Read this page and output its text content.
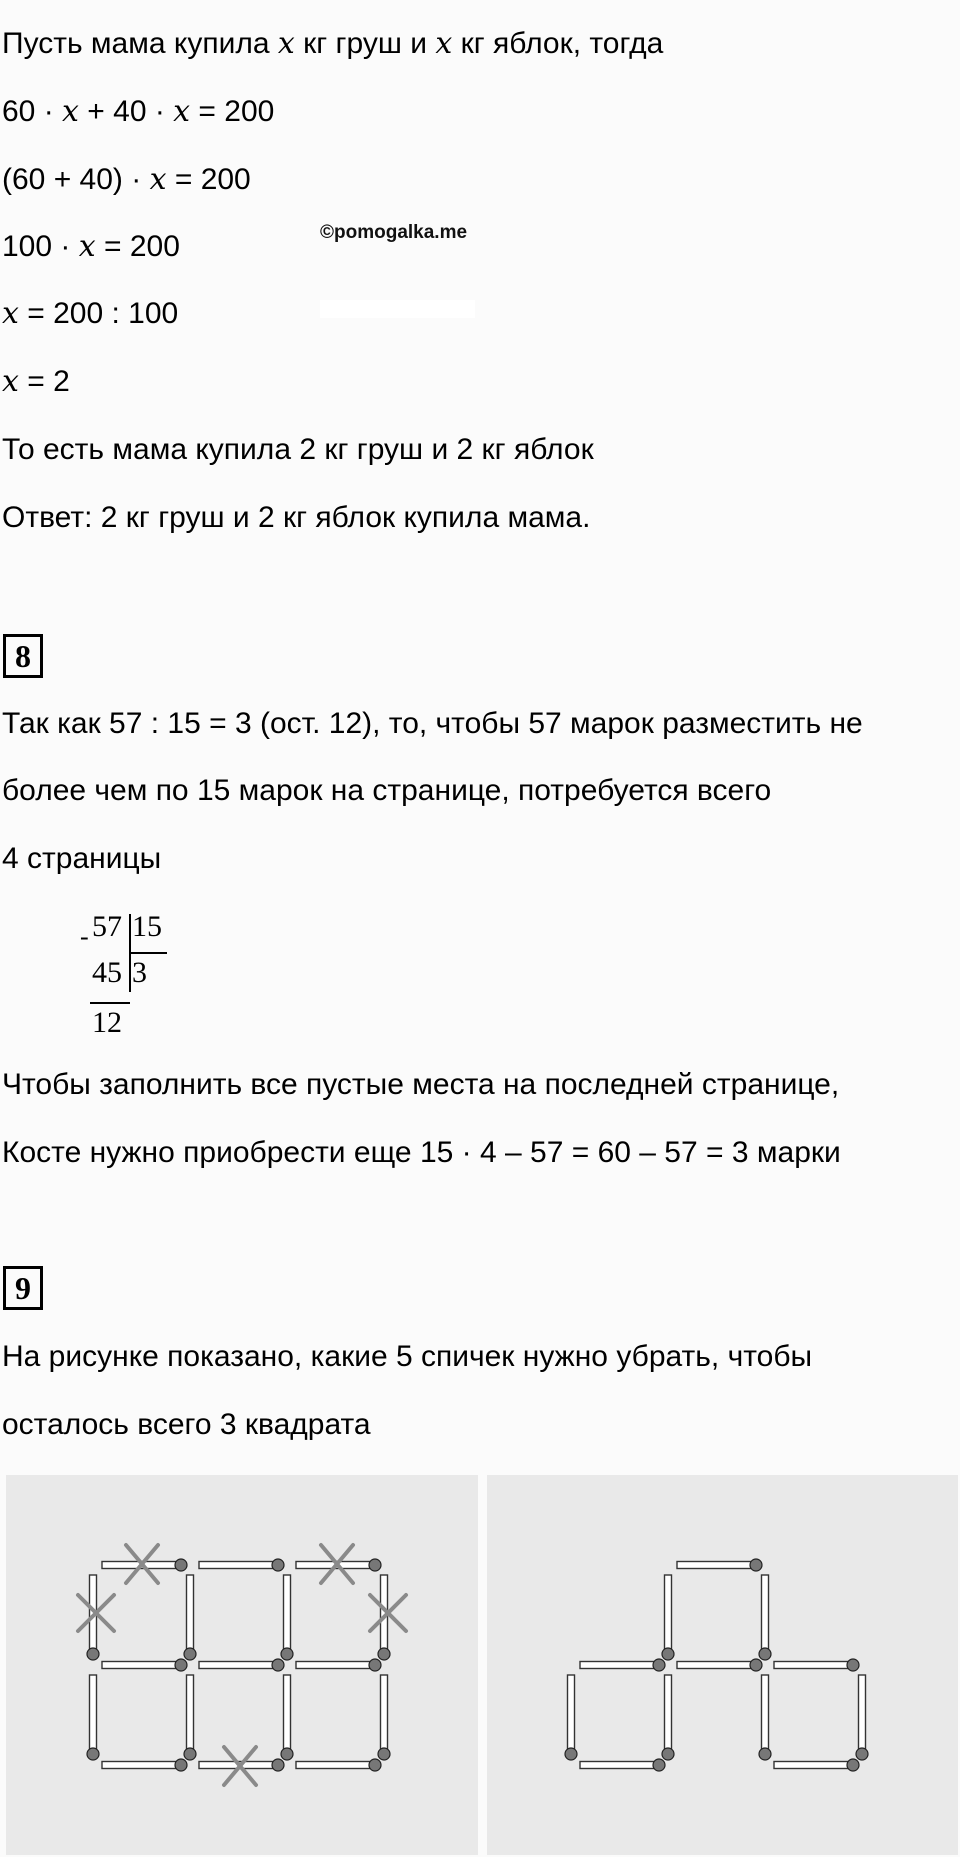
Пусть мама купила x кг груш и x кг яблок, тогда

60 · x + 40 · x = 200

(60 + 40) · x = 200

100 · x = 200	©pomogalka.me

x = 200 : 100

x = 2

То есть мама купила 2 кг груш и 2 кг яблок

Ответ: 2 кг груш и 2 кг яблок купила мама.

8

Так как 57 : 15 = 3 (ост. 12), то, чтобы 57 марок разместить не

более чем по 15 марок на странице, потребуется всего

4 страницы

- 57 15
45 3
12

Чтобы заполнить все пустые места на последней странице,

Косте нужно приобрести еще 15 · 4 – 57 = 60 – 57 = 3 марки

9

На рисунке показано, какие 5 спичек нужно убрать, чтобы

осталось всего 3 квадрата
